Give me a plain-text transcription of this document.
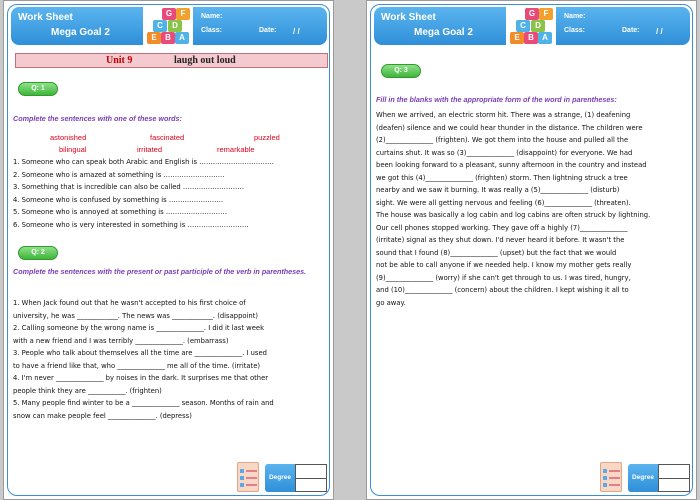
Work Sheet
Mega Goal 2
G	F
C	D
E	B	A
Name:
Class:	Date: / /
Unit 9	laugh out loud
Q: 1
Complete the sentences with one of these words:
astonished	fascinated	puzzled
bilingual	irritated	remarkable
1. Someone who can speak both Arabic and English is ……………………………
2. Someone who is amazed at something is ………………………
3. Something that is incredible can also be called ………………………
4. Someone who is confused by something is ……………………
5. Someone who is annoyed at something is ………………………
6. Someone who is very interested in something is ………………………
Q: 2
Complete the sentences with the present or past participle of the verb in parentheses.
1. When Jack found out that he wasn't accepted to his first choice of
university, he was ____________. The news was ____________. (disappoint)
2. Calling someone by the wrong name is ______________. I did it last week
with a new friend and I was terribly ______________. (embarrass)
3. People who talk about themselves all the time are ______________. I used
to have a friend like that, who ______________ me all of the time. (irritate)
4. I'm never ______________ by noises in the dark. It surprises me that other
people think they are ___________. (frighten)
5. Many people find winter to be a ______________ season. Months of rain and
snow can make people feel ______________. (depress)
Degree
Work Sheet
Mega Goal 2
G	F
C	D
E	B	A
Name:
Class:	Date: / /
Q: 3
Fill in the blanks with the appropriate form of the word in parentheses:
When we arrived, an electric storm hit. There was a strange, (1) deafening
(deafen) silence and we could hear thunder in the distance. The children were
(2)______________ (frighten). We got them into the house and pulled all the
curtains shut. It was so (3)______________ (disappoint) for everyone. We had
been looking forward to a pleasant, sunny afternoon in the country and instead
we got this (4)______________ (frighten) storm. Then lightning struck a tree
nearby and we saw it burning. It was really a (5)______________ (disturb)
sight. We were all getting nervous and feeling (6)______________ (threaten).
The house was basically a log cabin and log cabins are often struck by lightning.
Our cell phones stopped working. They gave off a highly (7)______________
(irritate) signal as they shut down. I'd never heard it before. It wasn't the
sound that I found (8)______________ (upset) but the fact that we would
not be able to call anyone if we needed help. I know my mother gets really
(9)______________ (worry) if she can't get through to us. I was tired, hungry,
and (10)______________ (concern) about the children. I kept wishing it all to
go away.
Degree
